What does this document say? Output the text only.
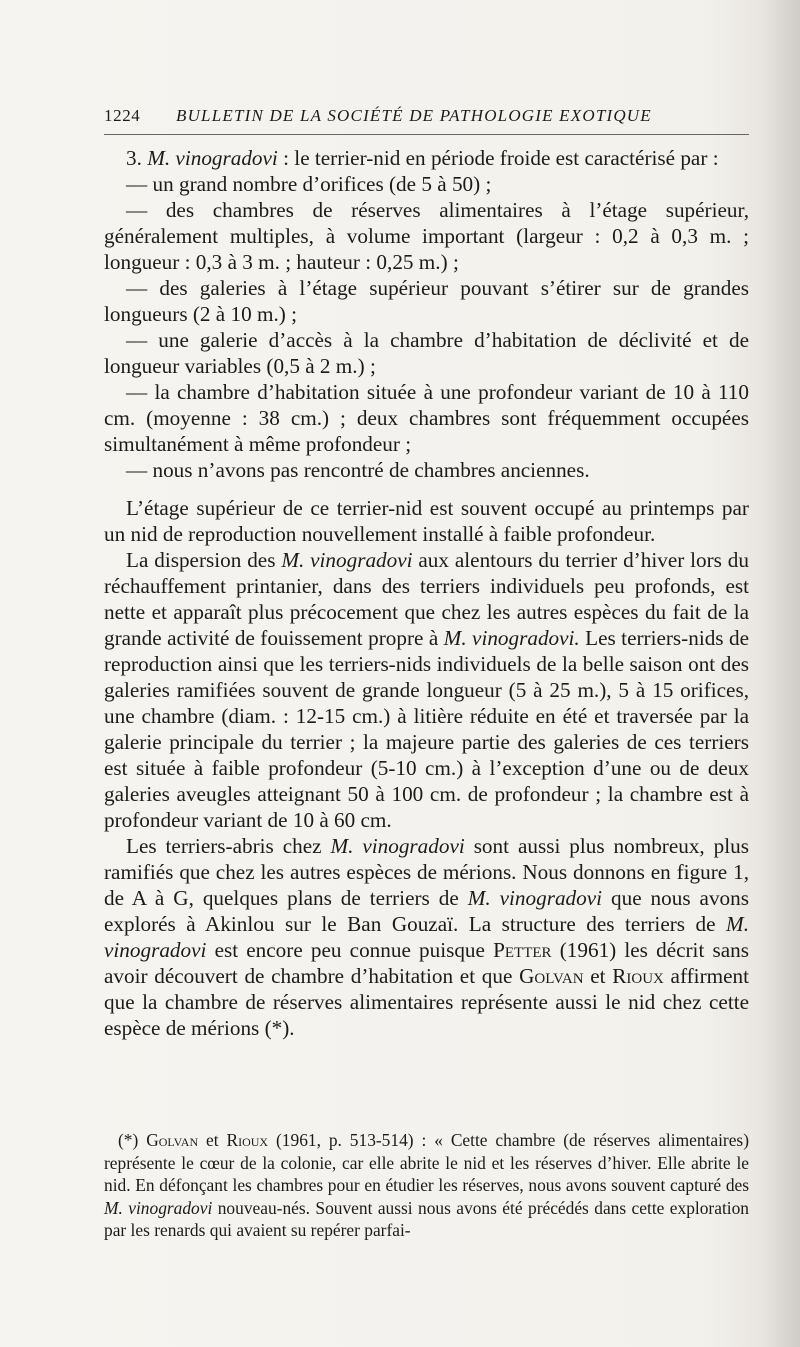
1224 BULLETIN DE LA SOCIÉTÉ DE PATHOLOGIE EXOTIQUE

3. M. vinogradovi : le terrier-nid en période froide est caractérisé par :

— un grand nombre d’orifices (de 5 à 50) ;

— des chambres de réserves alimentaires à l’étage supérieur, généralement multiples, à volume important (largeur : 0,2 à 0,3 m. ; longueur : 0,3 à 3 m. ; hauteur : 0,25 m.) ;

— des galeries à l’étage supérieur pouvant s’étirer sur de grandes longueurs (2 à 10 m.) ;

— une galerie d’accès à la chambre d’habitation de déclivité et de longueur variables (0,5 à 2 m.) ;

— la chambre d’habitation située à une profondeur variant de 10 à 110 cm. (moyenne : 38 cm.) ; deux chambres sont fréquemment occupées simultanément à même profondeur ;

— nous n’avons pas rencontré de chambres anciennes.

L’étage supérieur de ce terrier-nid est souvent occupé au printemps par un nid de reproduction nouvellement installé à faible profondeur.

La dispersion des M. vinogradovi aux alentours du terrier d’hiver lors du réchauffement printanier, dans des terriers individuels peu profonds, est nette et apparaît plus précocement que chez les autres espèces du fait de la grande activité de fouissement propre à M. vinogradovi. Les terriers-nids de reproduction ainsi que les terriers-nids individuels de la belle saison ont des galeries ramifiées souvent de grande longueur (5 à 25 m.), 5 à 15 orifices, une chambre (diam. : 12-15 cm.) à litière réduite en été et traversée par la galerie principale du terrier ; la majeure partie des galeries de ces terriers est située à faible profondeur (5-10 cm.) à l’exception d’une ou de deux galeries aveugles atteignant 50 à 100 cm. de profondeur ; la chambre est à profondeur variant de 10 à 60 cm.

Les terriers-abris chez M. vinogradovi sont aussi plus nombreux, plus ramifiés que chez les autres espèces de mérions. Nous donnons en figure 1, de A à G, quelques plans de terriers de M. vinogradovi que nous avons explorés à Akinlou sur le Ban Gouzaï. La structure des terriers de M. vinogradovi est encore peu connue puisque Petter (1961) les décrit sans avoir découvert de chambre d’habitation et que Golvan et Rioux affirment que la chambre de réserves alimentaires représente aussi le nid chez cette espèce de mérions (*).

(*) Golvan et Rioux (1961, p. 513-514) : « Cette chambre (de réserves alimentaires) représente le cœur de la colonie, car elle abrite le nid et les réserves d’hiver. Elle abrite le nid. En défonçant les chambres pour en étudier les réserves, nous avons souvent capturé des M. vinogradovi nouveau-nés. Souvent aussi nous avons été précédés dans cette exploration par les renards qui avaient su repérer parfai-
